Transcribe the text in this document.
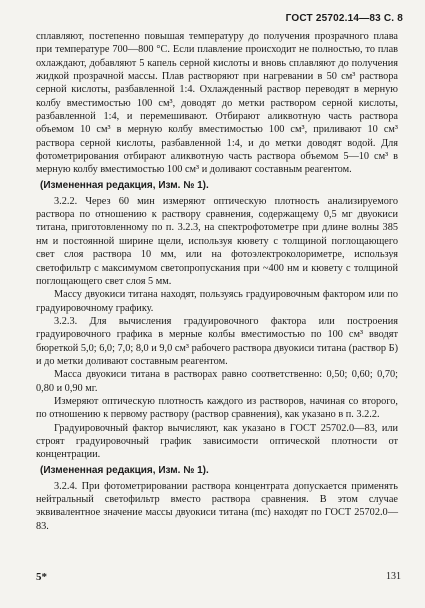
ГОСТ 25702.14—83 С. 8

сплавляют, постепенно повышая температуру до получения прозрачного плава при температуре 700—800 °С. Если плавление происходит не полностью, то плав охлаждают, добавляют 5 капель серной кислоты и вновь сплавляют до получения жидкой прозрачной массы. Плав растворяют при нагревании в 50 см³ раствора серной кислоты, разбавленной 1:4. Охлажденный раствор переводят в мерную колбу вместимостью 100 см³, доводят до метки раствором серной кислоты, разбавленной 1:4, и перемешивают. Отбирают аликвотную часть раствора объемом 10 см³ в мерную колбу вместимостью 100 см³, приливают 10 см³ раствора серной кислоты, разбавленной 1:4, и до метки доводят водой. Для фотометрирования отбирают аликвотную часть раствора объемом 5—10 см³ в мерную колбу вместимостью 100 см³ и доливают составным реагентом.

(Измененная редакция, Изм. № 1).

3.2.2. Через 60 мин измеряют оптическую плотность анализируемого раствора по отношению к раствору сравнения, содержащему 0,5 мг двуокиси титана, приготовленному по п. 3.2.3, на спектрофотометре при длине волны 385 нм и постоянной ширине щели, используя кювету с толщиной поглощающего свет слоя раствора 10 мм, или на фотоэлектроколориметре, используя светофильтр с максимумом светопропускания при ~400 нм и кювету с толщиной поглощающего свет слоя 5 мм.

Массу двуокиси титана находят, пользуясь градуировочным фактором или по градуировочному графику.

3.2.3. Для вычисления градуировочного фактора или построения градуировочного графика в мерные колбы вместимостью по 100 см³ вводят бюреткой 5,0; 6,0; 7,0; 8,0 и 9,0 см³ рабочего раствора двуокиси титана (раствор Б) и до метки доливают составным реагентом.

Масса двуокиси титана в растворах равно соответственно: 0,50; 0,60; 0,70; 0,80 и 0,90 мг.

Измеряют оптическую плотность каждого из растворов, начиная со второго, по отношению к первому раствору (раствор сравнения), как указано в п. 3.2.2.

Градуировочный фактор вычисляют, как указано в ГОСТ 25702.0—83, или строят градуировочный график зависимости оптической плотности от концентрации.

(Измененная редакция, Изм. № 1).

3.2.4. При фотометрировании раствора концентрата допускается применять нейтральный светофильтр вместо раствора сравнения. В этом случае эквивалентное значение массы двуокиси титана (mc) находят по ГОСТ 25702.0—83.

5*	131
